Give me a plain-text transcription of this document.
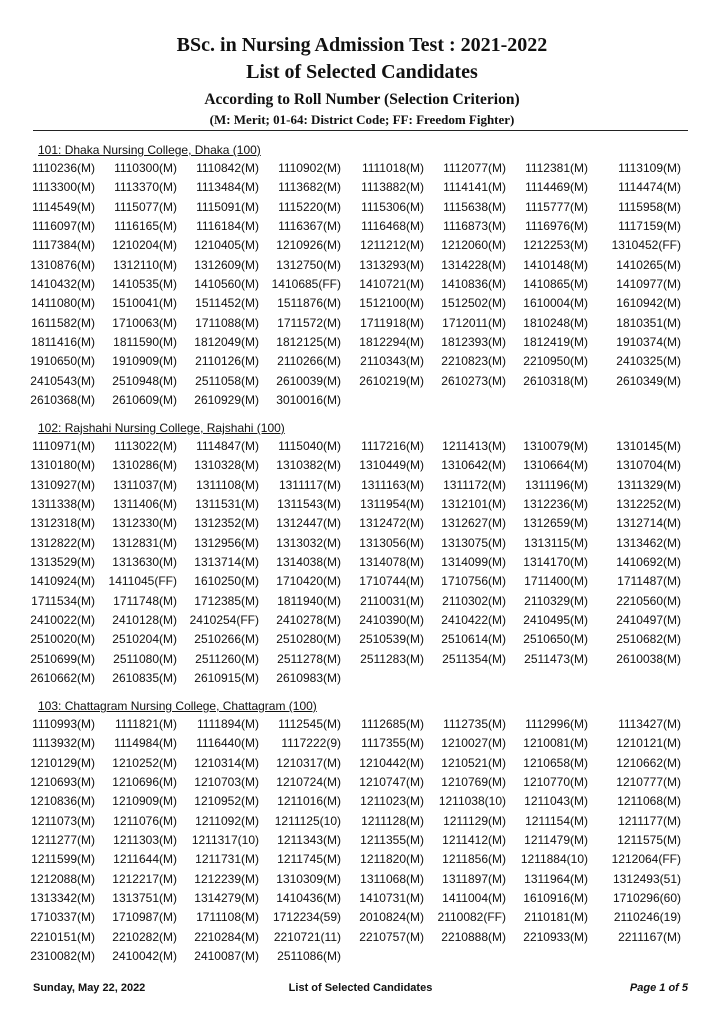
BSc. in Nursing Admission Test : 2021-2022
List of Selected Candidates
According to Roll Number (Selection Criterion)
(M: Merit; 01-64: District Code; FF: Freedom Fighter)
101: Dhaka Nursing College, Dhaka (100)
1110236(M)	1110300(M)	1110842(M)	1110902(M)	1111018(M)	1112077(M)	1112381(M)	1113109(M)
1113300(M)	1113370(M)	1113484(M)	1113682(M)	1113882(M)	1114141(M)	1114469(M)	1114474(M)
1114549(M)	1115077(M)	1115091(M)	1115220(M)	1115306(M)	1115638(M)	1115777(M)	1115958(M)
1116097(M)	1116165(M)	1116184(M)	1116367(M)	1116468(M)	1116873(M)	1116976(M)	1117159(M)
1117384(M)	1210204(M)	1210405(M)	1210926(M)	1211212(M)	1212060(M)	1212253(M)	1310452(FF)
1310876(M)	1312110(M)	1312609(M)	1312750(M)	1313293(M)	1314228(M)	1410148(M)	1410265(M)
1410432(M)	1410535(M)	1410560(M)	1410685(FF)	1410721(M)	1410836(M)	1410865(M)	1410977(M)
1411080(M)	1510041(M)	1511452(M)	1511876(M)	1512100(M)	1512502(M)	1610004(M)	1610942(M)
1611582(M)	1710063(M)	1711088(M)	1711572(M)	1711918(M)	1712011(M)	1810248(M)	1810351(M)
1811416(M)	1811590(M)	1812049(M)	1812125(M)	1812294(M)	1812393(M)	1812419(M)	1910374(M)
1910650(M)	1910909(M)	2110126(M)	2110266(M)	2110343(M)	2210823(M)	2210950(M)	2410325(M)
2410543(M)	2510948(M)	2511058(M)	2610039(M)	2610219(M)	2610273(M)	2610318(M)	2610349(M)
2610368(M)	2610609(M)	2610929(M)	3010016(M)
102: Rajshahi Nursing College, Rajshahi (100)
1110971(M)	1113022(M)	1114847(M)	1115040(M)	1117216(M)	1211413(M)	1310079(M)	1310145(M)
1310180(M)	1310286(M)	1310328(M)	1310382(M)	1310449(M)	1310642(M)	1310664(M)	1310704(M)
1310927(M)	1311037(M)	1311108(M)	1311117(M)	1311163(M)	1311172(M)	1311196(M)	1311329(M)
1311338(M)	1311406(M)	1311531(M)	1311543(M)	1311954(M)	1312101(M)	1312236(M)	1312252(M)
1312318(M)	1312330(M)	1312352(M)	1312447(M)	1312472(M)	1312627(M)	1312659(M)	1312714(M)
1312822(M)	1312831(M)	1312956(M)	1313032(M)	1313056(M)	1313075(M)	1313115(M)	1313462(M)
1313529(M)	1313630(M)	1313714(M)	1314038(M)	1314078(M)	1314099(M)	1314170(M)	1410692(M)
1410924(M)	1411045(FF)	1610250(M)	1710420(M)	1710744(M)	1710756(M)	1711400(M)	1711487(M)
1711534(M)	1711748(M)	1712385(M)	1811940(M)	2110031(M)	2110302(M)	2110329(M)	2210560(M)
2410022(M)	2410128(M)	2410254(FF)	2410278(M)	2410390(M)	2410422(M)	2410495(M)	2410497(M)
2510020(M)	2510204(M)	2510266(M)	2510280(M)	2510539(M)	2510614(M)	2510650(M)	2510682(M)
2510699(M)	2511080(M)	2511260(M)	2511278(M)	2511283(M)	2511354(M)	2511473(M)	2610038(M)
2610662(M)	2610835(M)	2610915(M)	2610983(M)
103: Chattagram Nursing College, Chattagram (100)
1110993(M)	1111821(M)	1111894(M)	1112545(M)	1112685(M)	1112735(M)	1112996(M)	1113427(M)
1113932(M)	1114984(M)	1116440(M)	1117222(9)	1117355(M)	1210027(M)	1210081(M)	1210121(M)
1210129(M)	1210252(M)	1210314(M)	1210317(M)	1210442(M)	1210521(M)	1210658(M)	1210662(M)
1210693(M)	1210696(M)	1210703(M)	1210724(M)	1210747(M)	1210769(M)	1210770(M)	1210777(M)
1210836(M)	1210909(M)	1210952(M)	1211016(M)	1211023(M)	1211038(10)	1211043(M)	1211068(M)
1211073(M)	1211076(M)	1211092(M)	1211125(10)	1211128(M)	1211129(M)	1211154(M)	1211177(M)
1211277(M)	1211303(M)	1211317(10)	1211343(M)	1211355(M)	1211412(M)	1211479(M)	1211575(M)
1211599(M)	1211644(M)	1211731(M)	1211745(M)	1211820(M)	1211856(M)	1211884(10)	1212064(FF)
1212088(M)	1212217(M)	1212239(M)	1310309(M)	1311068(M)	1311897(M)	1311964(M)	1312493(51)
1313342(M)	1313751(M)	1314279(M)	1410436(M)	1410731(M)	1411004(M)	1610916(M)	1710296(60)
1710337(M)	1710987(M)	1711108(M)	1712234(59)	2010824(M)	2110082(FF)	2110181(M)	2110246(19)
2210151(M)	2210282(M)	2210284(M)	2210721(11)	2210757(M)	2210888(M)	2210933(M)	2211167(M)
2310082(M)	2410042(M)	2410087(M)	2511086(M)
Sunday, May 22, 2022	List of Selected Candidates	Page 1 of 5
